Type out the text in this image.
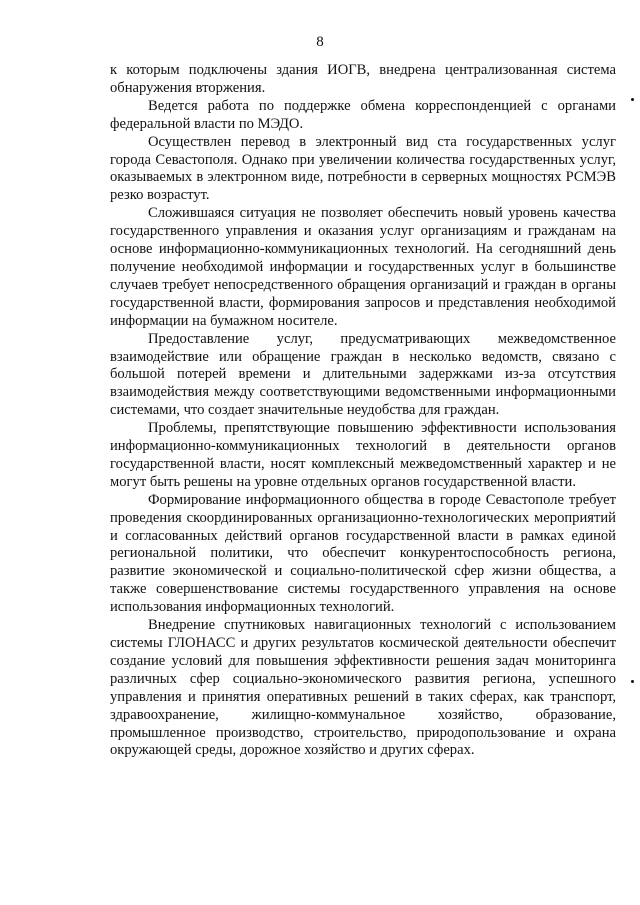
8

к которым подключены здания ИОГВ, внедрена централизованная система обнаружения вторжения.

Ведется работа по поддержке обмена корреспонденцией с органами федеральной власти по МЭДО.

Осуществлен перевод в электронный вид ста государственных услуг города Севастополя. Однако при увеличении количества государственных услуг, оказываемых в электронном виде, потребности в серверных мощностях РСМЭВ резко возрастут.

Сложившаяся ситуация не позволяет обеспечить новый уровень качества государственного управления и оказания услуг организациям и гражданам на основе информационно-коммуникационных технологий. На сегодняшний день получение необходимой информации и государственных услуг в большинстве случаев требует непосредственного обращения организаций и граждан в органы государственной власти, формирования запросов и представления необходимой информации на бумажном носителе.

Предоставление услуг, предусматривающих межведомственное взаимодействие или обращение граждан в несколько ведомств, связано с большой потерей времени и длительными задержками из-за отсутствия взаимодействия между соответствующими ведомственными информационными системами, что создает значительные неудобства для граждан.

Проблемы, препятствующие повышению эффективности использования информационно-коммуникационных технологий в деятельности органов государственной власти, носят комплексный межведомственный характер и не могут быть решены на уровне отдельных органов государственной власти.

Формирование информационного общества в городе Севастополе требует проведения скоординированных организационно-технологических мероприятий и согласованных действий органов государственной власти в рамках единой региональной политики, что обеспечит конкурентоспособность региона, развитие экономической и социально-политической сфер жизни общества, а также совершенствование системы государственного управления на основе использования информационных технологий.

Внедрение спутниковых навигационных технологий с использованием системы ГЛОНАСС и других результатов космической деятельности обеспечит создание условий для повышения эффективности решения задач мониторинга различных сфер социально-экономического развития региона, успешного управления и принятия оперативных решений в таких сферах, как транспорт, здравоохранение, жилищно-коммунальное хозяйство, образование, промышленное производство, строительство, природопользование и охрана окружающей среды, дорожное хозяйство и других сферах.
